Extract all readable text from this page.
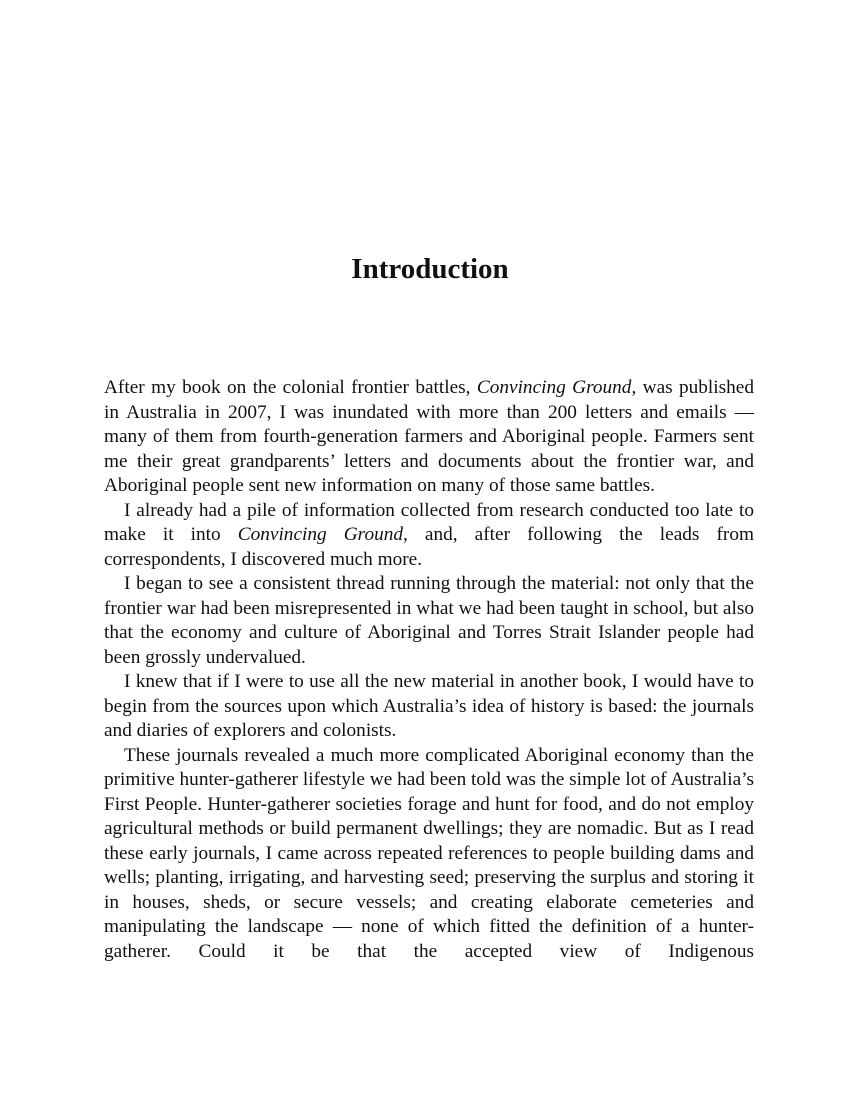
Introduction

After my book on the colonial frontier battles, Convincing Ground, was published in Australia in 2007, I was inundated with more than 200 letters and emails — many of them from fourth-generation farmers and Aboriginal people. Farmers sent me their great grandparents’ letters and documents about the frontier war, and Aboriginal people sent new information on many of those same battles.

I already had a pile of information collected from research conducted too late to make it into Convincing Ground, and, after following the leads from correspondents, I discovered much more.

I began to see a consistent thread running through the material: not only that the frontier war had been misrepresented in what we had been taught in school, but also that the economy and culture of Aboriginal and Torres Strait Islander people had been grossly undervalued.

I knew that if I were to use all the new material in another book, I would have to begin from the sources upon which Australia’s idea of history is based: the journals and diaries of explorers and colonists.

These journals revealed a much more complicated Aboriginal economy than the primitive hunter-gatherer lifestyle we had been told was the simple lot of Australia’s First People. Hunter-gatherer societies forage and hunt for food, and do not employ agricultural methods or build permanent dwellings; they are nomadic. But as I read these early journals, I came across repeated references to people building dams and wells; planting, irrigating, and harvesting seed; preserving the surplus and storing it in houses, sheds, or secure vessels; and creating elaborate cemeteries and manipulating the landscape — none of which fitted the definition of a hunter-gatherer. Could it be that the accepted view of Indigenous
